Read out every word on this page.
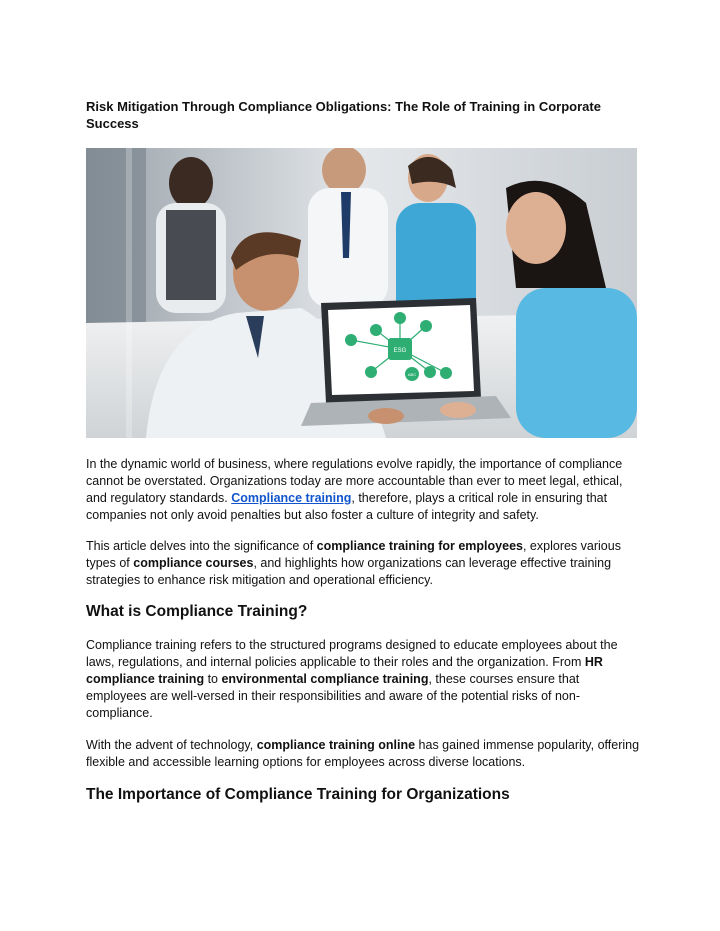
Risk Mitigation Through Compliance Obligations: The Role of Training in Corporate Success
ESG
ABC

In the dynamic world of business, where regulations evolve rapidly, the importance of compliance cannot be overstated. Organizations today are more accountable than ever to meet legal, ethical, and regulatory standards. Compliance training, therefore, plays a critical role in ensuring that companies not only avoid penalties but also foster a culture of integrity and safety.

This article delves into the significance of compliance training for employees, explores various types of compliance courses, and highlights how organizations can leverage effective training strategies to enhance risk mitigation and operational efficiency.

What is Compliance Training?

Compliance training refers to the structured programs designed to educate employees about the laws, regulations, and internal policies applicable to their roles and the organization. From HR compliance training to environmental compliance training, these courses ensure that employees are well-versed in their responsibilities and aware of the potential risks of non-compliance.

With the advent of technology, compliance training online has gained immense popularity, offering flexible and accessible learning options for employees across diverse locations.

The Importance of Compliance Training for Organizations
